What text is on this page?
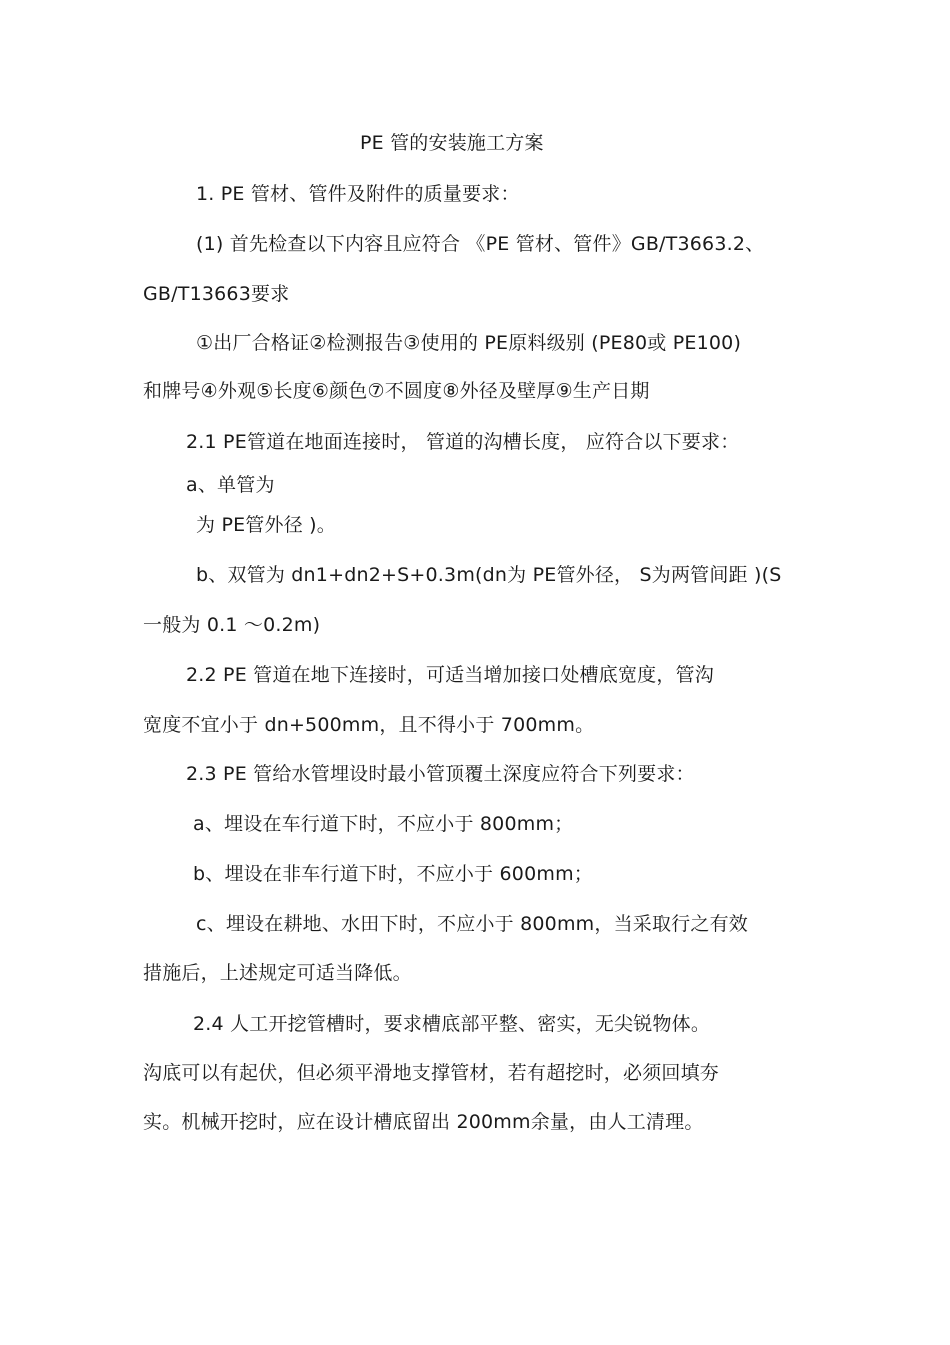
PE 管的安装施工方案
1. PE 管材、管件及附件的质量要求：
(1) 首先检查以下内容且应符合 《PE 管材、管件》GB/T3663.2、
GB/T13663要求
①出厂合格证②检测报告③使用的 PE原料级别 (PE80或 PE100)
和牌号④外观⑤长度⑥颜色⑦不圆度⑧外径及壁厚⑨生产日期
2.1 PE管道在地面连接时， 管道的沟槽长度， 应符合以下要求：
a、单管为
为 PE管外径 )。
b、双管为 dn1+dn2+S+0.3m(dn为 PE管外径， S为两管间距 )(S
一般为 0.1 ～0.2m)
2.2 PE 管道在地下连接时，可适当增加接口处槽底宽度，管沟
宽度不宜小于 dn+500mm，且不得小于 700mm。
2.3 PE 管给水管埋设时最小管顶覆土深度应符合下列要求：
a、埋设在车行道下时，不应小于 800mm；
b、埋设在非车行道下时，不应小于 600mm；
c、埋设在耕地、水田下时，不应小于 800mm，当采取行之有效
措施后，上述规定可适当降低。
2.4 人工开挖管槽时，要求槽底部平整、密实，无尖锐物体。
沟底可以有起伏，但必须平滑地支撑管材，若有超挖时，必须回填夯
实。机械开挖时，应在设计槽底留出 200mm余量，由人工清理。
